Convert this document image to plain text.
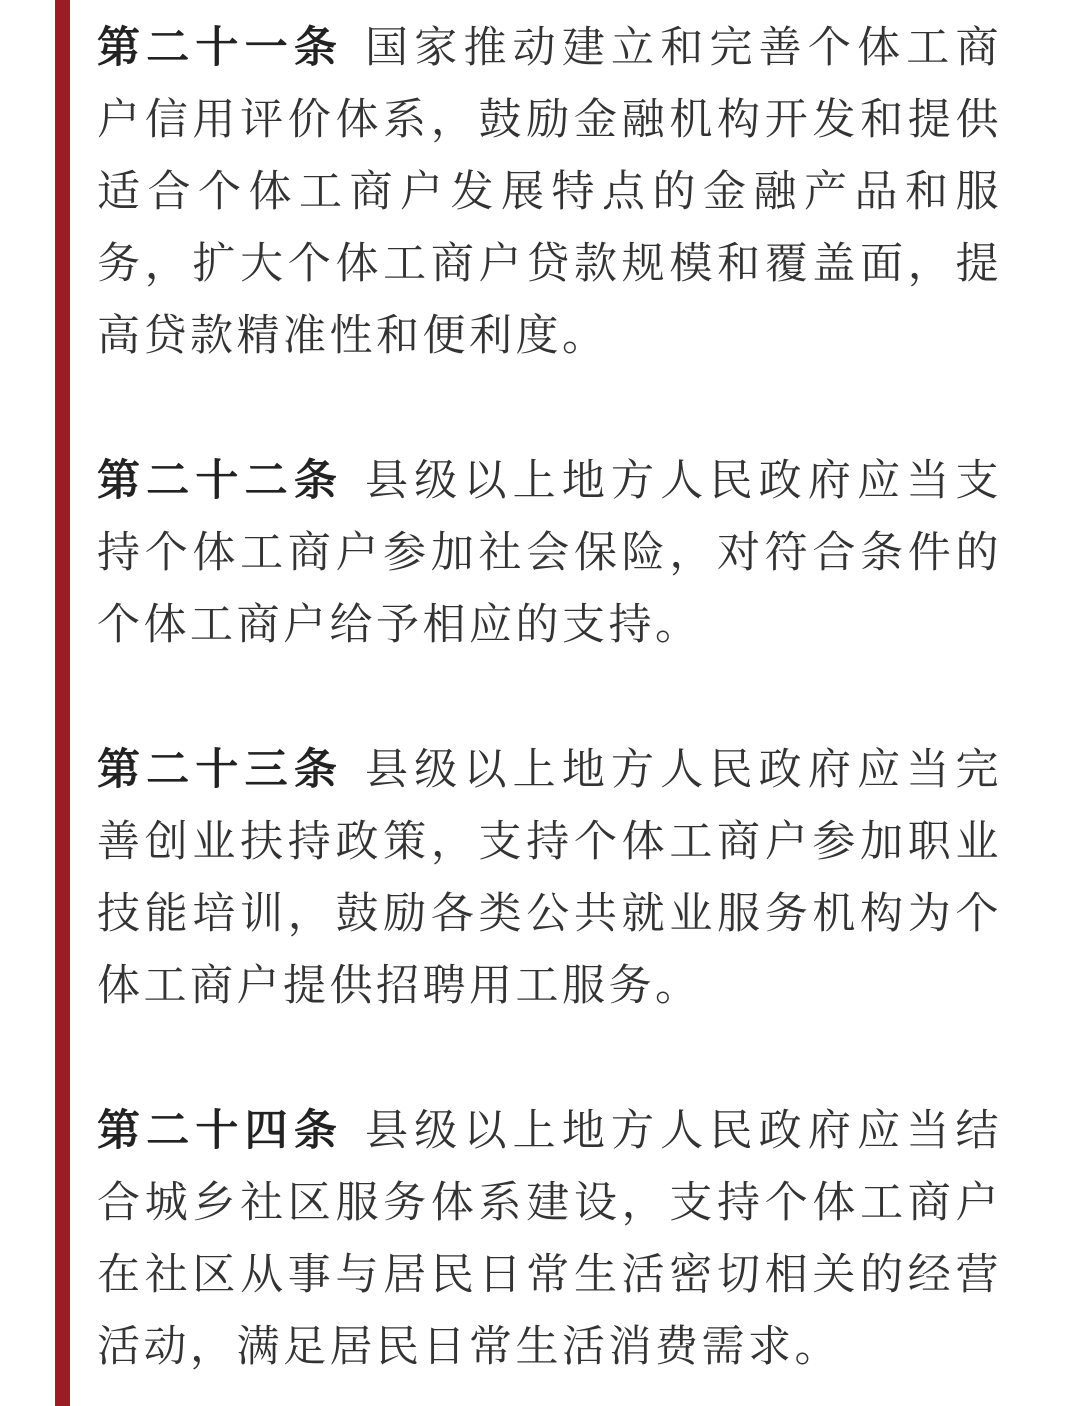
第二十一条 国家推动建立和完善个体工商户信用评价体系，鼓励金融机构开发和提供适合个体工商户发展特点的金融产品和服务，扩大个体工商户贷款规模和覆盖面，提高贷款精准性和便利度。

第二十二条 县级以上地方人民政府应当支持个体工商户参加社会保险，对符合条件的个体工商户给予相应的支持。

第二十三条 县级以上地方人民政府应当完善创业扶持政策，支持个体工商户参加职业技能培训，鼓励各类公共就业服务机构为个体工商户提供招聘用工服务。

第二十四条 县级以上地方人民政府应当结合城乡社区服务体系建设，支持个体工商户在社区从事与居民日常生活密切相关的经营活动，满足居民日常生活消费需求。
